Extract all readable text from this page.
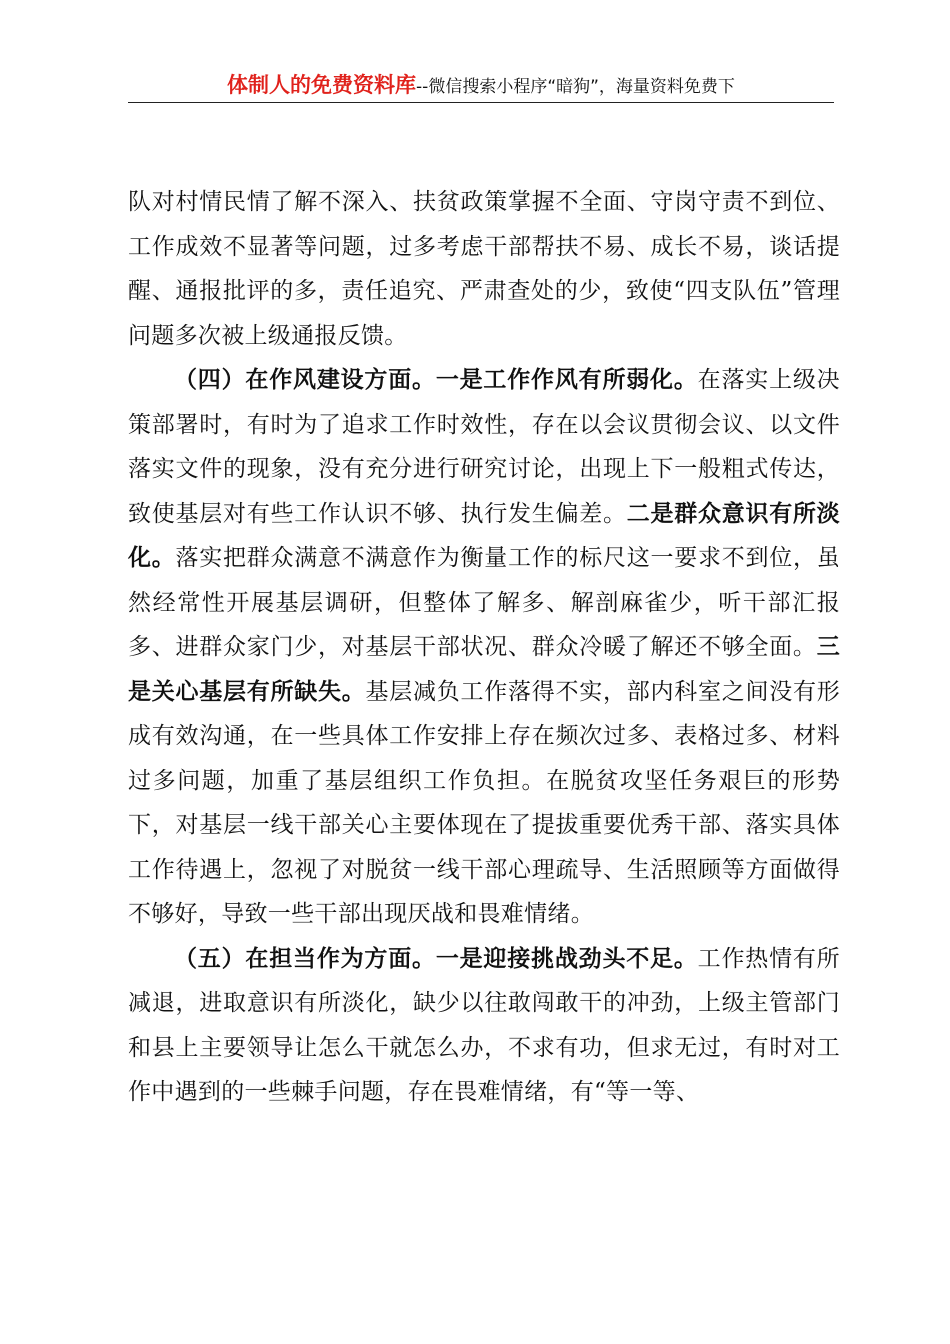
体制人的免费资料库--微信搜索小程序“暗狗”，海量资料免费下

队对村情民情了解不深入、扶贫政策掌握不全面、守岗守责不到位、工作成效不显著等问题，过多考虑干部帮扶不易、成长不易，谈话提醒、通报批评的多，责任追究、严肃查处的少，致使“四支队伍”管理问题多次被上级通报反馈。

（四）在作风建设方面。一是工作作风有所弱化。在落实上级决策部署时，有时为了追求工作时效性，存在以会议贯彻会议、以文件落实文件的现象，没有充分进行研究讨论，出现上下一般粗式传达，致使基层对有些工作认识不够、执行发生偏差。二是群众意识有所淡化。落实把群众满意不满意作为衡量工作的标尺这一要求不到位，虽然经常性开展基层调研，但整体了解多、解剖麻雀少，听干部汇报多、进群众家门少，对基层干部状况、群众冷暖了解还不够全面。三是关心基层有所缺失。基层减负工作落得不实，部内科室之间没有形成有效沟通，在一些具体工作安排上存在频次过多、表格过多、材料过多问题，加重了基层组织工作负担。在脱贫攻坚任务艰巨的形势下，对基层一线干部关心主要体现在了提拔重要优秀干部、落实具体工作待遇上，忽视了对脱贫一线干部心理疏导、生活照顾等方面做得不够好，导致一些干部出现厌战和畏难情绪。

（五）在担当作为方面。一是迎接挑战劲头不足。工作热情有所减退，进取意识有所淡化，缺少以往敢闯敢干的冲劲，上级主管部门和县上主要领导让怎么干就怎么办，不求有功，但求无过，有时对工作中遇到的一些棘手问题，存在畏难情绪，有“等一等、
